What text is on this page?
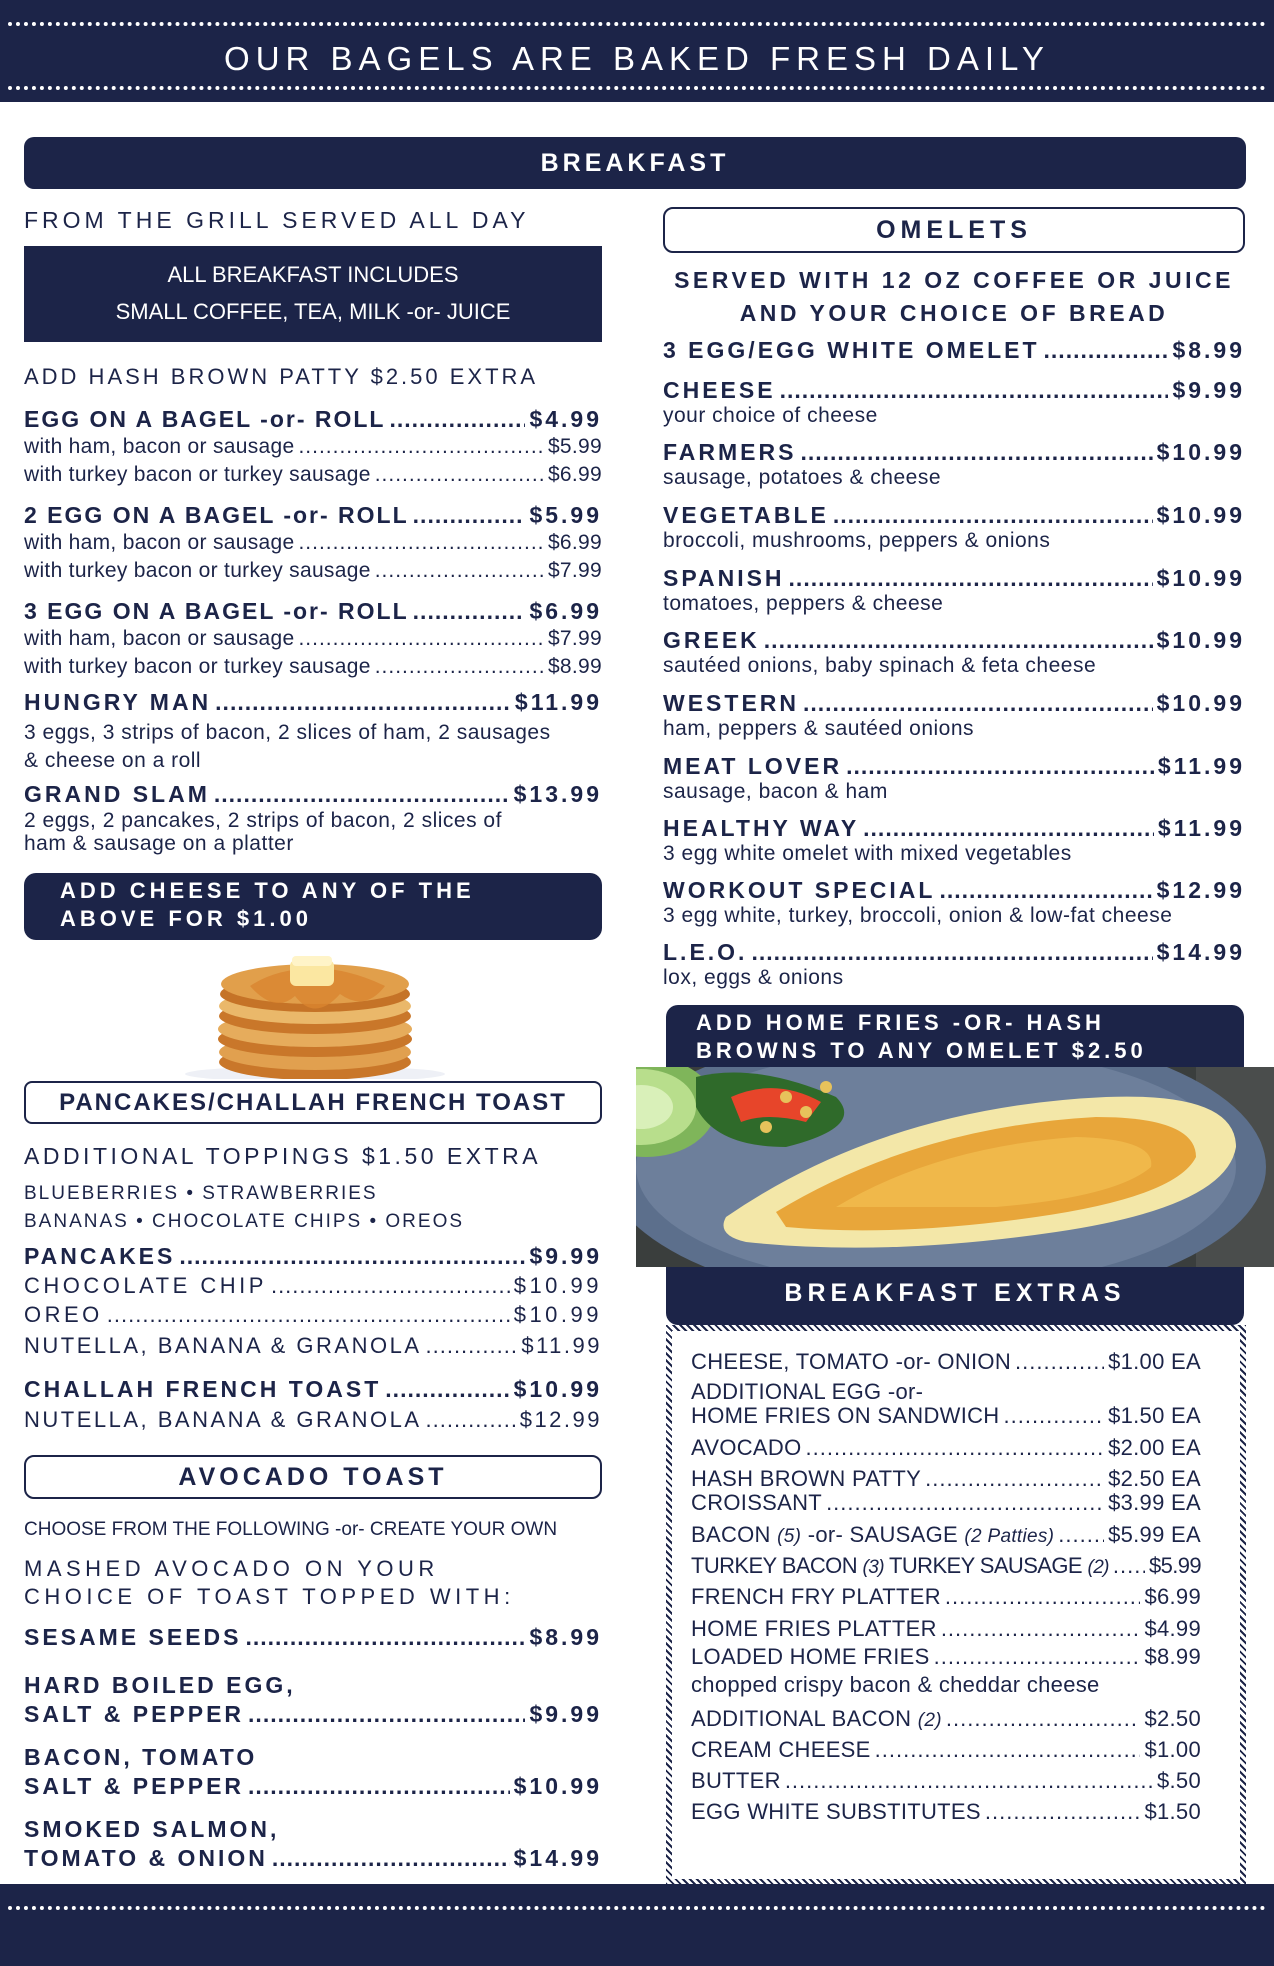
OUR BAGELS ARE BAKED FRESH DAILY
BREAKFAST
FROM THE GRILL SERVED ALL DAY
ALL BREAKFAST INCLUDES
SMALL COFFEE, TEA, MILK -or- JUICE
ADD HASH BROWN PATTY $2.50 EXTRA
EGG ON A BAGEL -or- ROLL .....	$4.99
with ham, bacon or sausage .....	$5.99
with turkey bacon or turkey sausage .....	$6.99
2 EGG ON A BAGEL -or- ROLL .....	$5.99
with ham, bacon or sausage .....	$6.99
with turkey bacon or turkey sausage .....	$7.99
3 EGG ON A BAGEL -or- ROLL .....	$6.99
with ham, bacon or sausage .....	$7.99
with turkey bacon or turkey sausage .....	$8.99
HUNGRY MAN .....	$11.99
3 eggs, 3 strips of bacon, 2 slices of ham, 2 sausages
& cheese on a roll
GRAND SLAM .....	$13.99
2 eggs, 2 pancakes, 2 strips of bacon, 2 slices of
ham & sausage on a platter
ADD CHEESE TO ANY OF THE
ABOVE FOR $1.00
PANCAKES/CHALLAH FRENCH TOAST
ADDITIONAL TOPPINGS $1.50 EXTRA
BLUEBERRIES • STRAWBERRIES
BANANAS • CHOCOLATE CHIPS • OREOS
PANCAKES .....	$9.99
CHOCOLATE CHIP .....	$10.99
OREO .....	$10.99
NUTELLA, BANANA & GRANOLA .....	$11.99
CHALLAH FRENCH TOAST .....	$10.99
NUTELLA, BANANA & GRANOLA .....	$12.99
AVOCADO TOAST
CHOOSE FROM THE FOLLOWING -or- CREATE YOUR OWN
MASHED AVOCADO ON YOUR
CHOICE OF TOAST TOPPED WITH:
SESAME SEEDS .....	$8.99
HARD BOILED EGG,
SALT & PEPPER .....	$9.99
BACON, TOMATO
SALT & PEPPER .....	$10.99
SMOKED SALMON,
TOMATO & ONION .....	$14.99
OMELETS
SERVED WITH 12 OZ COFFEE OR JUICE
AND YOUR CHOICE OF BREAD
3 EGG/EGG WHITE OMELET .....	$8.99
CHEESE .....	$9.99
your choice of cheese
FARMERS .....	$10.99
sausage, potatoes & cheese
VEGETABLE .....	$10.99
broccoli, mushrooms, peppers & onions
SPANISH .....	$10.99
tomatoes, peppers & cheese
GREEK .....	$10.99
sautéed onions, baby spinach & feta cheese
WESTERN .....	$10.99
ham, peppers & sautéed onions
MEAT LOVER .....	$11.99
sausage, bacon & ham
HEALTHY WAY .....	$11.99
3 egg white omelet with mixed vegetables
WORKOUT SPECIAL .....	$12.99
3 egg white, turkey, broccoli, onion & low-fat cheese
L.E.O. .....	$14.99
lox, eggs & onions
ADD HOME FRIES -OR- HASH
BROWNS TO ANY OMELET $2.50
BREAKFAST EXTRAS
CHEESE, TOMATO -or- ONION .....	$1.00 EA
ADDITIONAL EGG -or-
HOME FRIES ON SANDWICH .....	$1.50 EA
AVOCADO .....	$2.00 EA
HASH BROWN PATTY .....	$2.50 EA
CROISSANT .....	$3.99 EA
BACON (5) -or- SAUSAGE (2 Patties) ..... $5.99 EA
TURKEY BACON (3) TURKEY SAUSAGE (2) ..... $5.99
FRENCH FRY PLATTER .....	$6.99
HOME FRIES PLATTER .....	$4.99
LOADED HOME FRIES .....	$8.99
chopped crispy bacon & cheddar cheese
ADDITIONAL BACON (2) .....	$2.50
CREAM CHEESE .....	$1.00
BUTTER .....	$.50
EGG WHITE SUBSTITUTES .....	$1.50
